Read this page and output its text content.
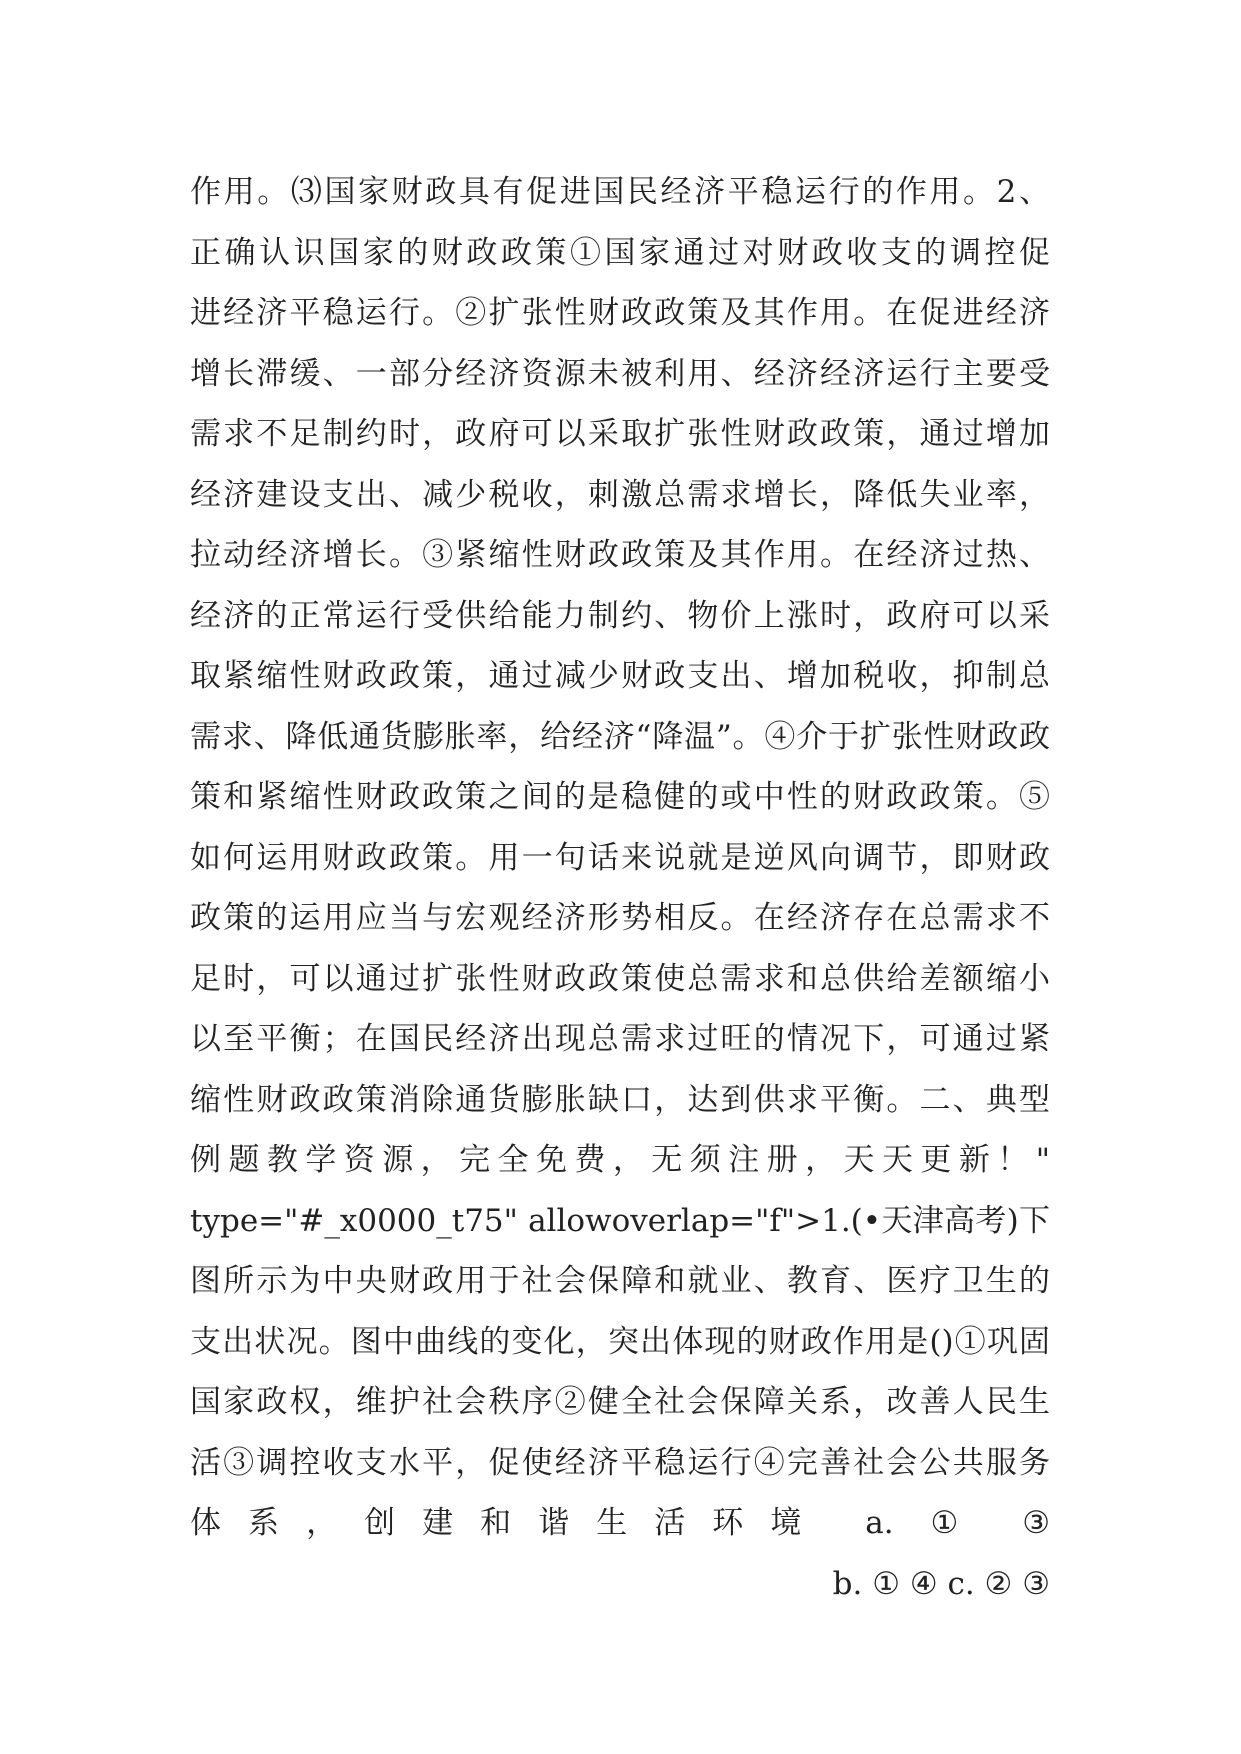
作用。⑶国家财政具有促进国民经济平稳运行的作用。2、
正确认识国家的财政政策①国家通过对财政收支的调控促
进经济平稳运行。②扩张性财政政策及其作用。在促进经济
增长滞缓、一部分经济资源未被利用、经济经济运行主要受
需求不足制约时，政府可以采取扩张性财政政策，通过增加
经济建设支出、减少税收，刺激总需求增长，降低失业率，
拉动经济增长。③紧缩性财政政策及其作用。在经济过热、
经济的正常运行受供给能力制约、物价上涨时，政府可以采
取紧缩性财政政策，通过减少财政支出、增加税收，抑制总
需求、降低通货膨胀率，给经济“降温”。④介于扩张性财政政
策和紧缩性财政政策之间的是稳健的或中性的财政政策。⑤
如何运用财政政策。用一句话来说就是逆风向调节，即财政
政策的运用应当与宏观经济形势相反。在经济存在总需求不
足时，可以通过扩张性财政政策使总需求和总供给差额缩小
以至平衡；在国民经济出现总需求过旺的情况下，可通过紧
缩性财政政策消除通货膨胀缺口，达到供求平衡。二、典型
例题教学资源，完全免费，无须注册，天天更新！"
type="#_x0000_t75" allowoverlap="f">1.(•天津高考)下
图所示为中央财政用于社会保障和就业、教育、医疗卫生的
支出状况。图中曲线的变化，突出体现的财政作用是()①巩固
国家政权，维护社会秩序②健全社会保障关系，改善人民生
活③调控收支水平，促使经济平稳运行④完善社会公共服务
体系，创建和谐生活环境 a. ① ③
b. ① ④ c. ② ③
